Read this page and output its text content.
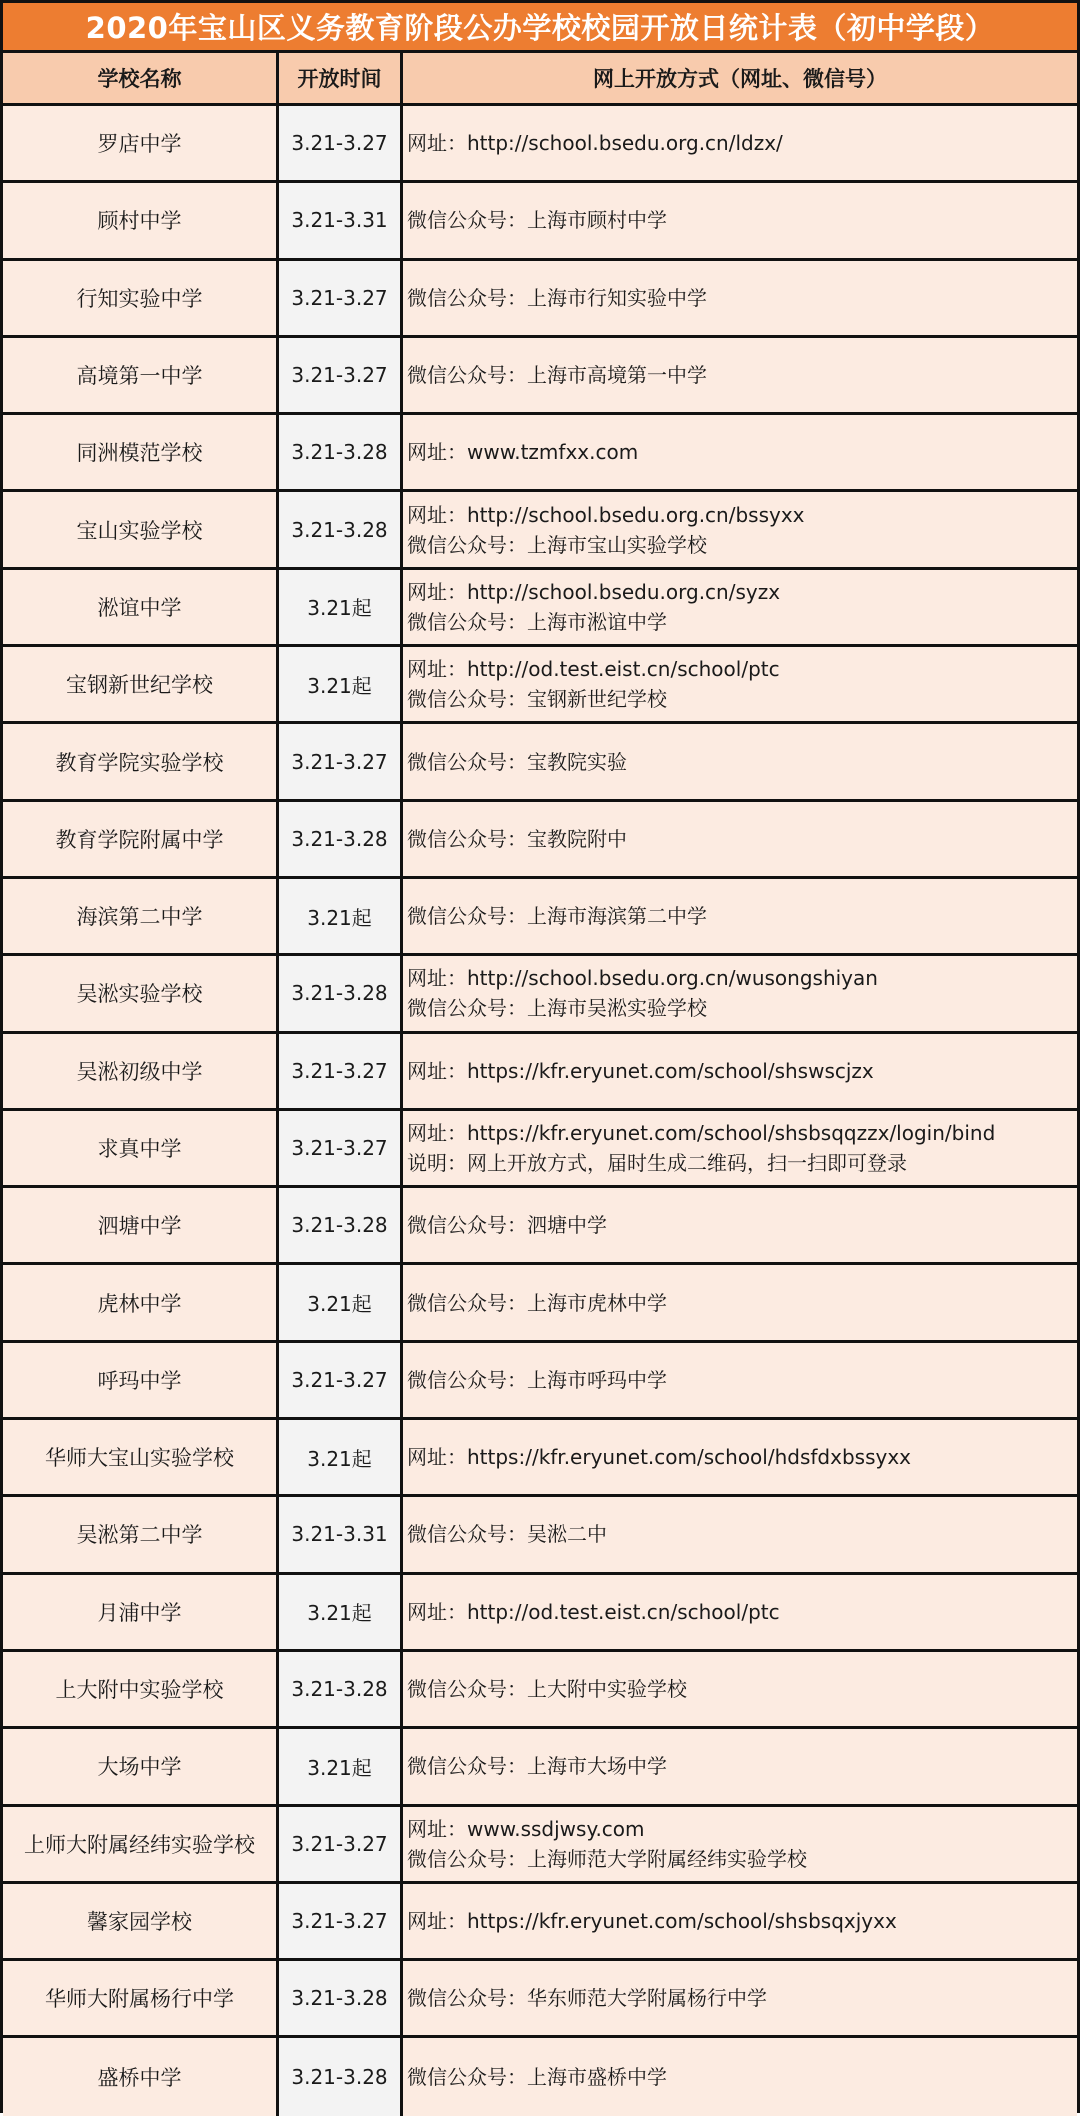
2020年宝山区义务教育阶段公办学校校园开放日统计表（初中学段）
学校名称	开放时间	网上开放方式（网址、微信号）
罗店中学	3.21-3.27 网址：http://school.bsedu.org.cn/ldzx/
顾村中学	3.21-3.31 微信公众号：上海市顾村中学
行知实验中学	3.21-3.27 微信公众号：上海市行知实验中学
高境第一中学	3.21-3.27 微信公众号：上海市高境第一中学
同洲模范学校	3.21-3.28 网址：www.tzmfxx.com
宝山实验学校	3.21-3.28
网址：http://school.bsedu.org.cn/bssyxx
微信公众号：上海市宝山实验学校
淞谊中学	3.21起
网址：http://school.bsedu.org.cn/syzx
微信公众号：上海市淞谊中学
宝钢新世纪学校	3.21起
网址：http://od.test.eist.cn/school/ptc
微信公众号：宝钢新世纪学校
教育学院实验学校	3.21-3.27 微信公众号：宝教院实验
教育学院附属中学	3.21-3.28 微信公众号：宝教院附中
海滨第二中学	3.21起	微信公众号：上海市海滨第二中学
吴淞实验学校	3.21-3.28
网址：http://school.bsedu.org.cn/wusongshiyan
微信公众号：上海市吴淞实验学校
吴淞初级中学	3.21-3.27 网址：https://kfr.eryunet.com/school/shswscjzx
求真中学	3.21-3.27
网址：https://kfr.eryunet.com/school/shsbsqqzzx/login/bind
说明：网上开放方式，届时生成二维码，扫一扫即可登录
泗塘中学	3.21-3.28 微信公众号：泗塘中学
虎林中学	3.21起	微信公众号：上海市虎林中学
呼玛中学	3.21-3.27 微信公众号：上海市呼玛中学
华师大宝山实验学校	3.21起	网址：https://kfr.eryunet.com/school/hdsfdxbssyxx
吴淞第二中学	3.21-3.31 微信公众号：吴淞二中
月浦中学	3.21起	网址：http://od.test.eist.cn/school/ptc
上大附中实验学校	3.21-3.28 微信公众号：上大附中实验学校
大场中学	3.21起	微信公众号：上海市大场中学
上师大附属经纬实验学校	3.21-3.27
网址：www.ssdjwsy.com
微信公众号：上海师范大学附属经纬实验学校
馨家园学校	3.21-3.27 网址：https://kfr.eryunet.com/school/shsbsqxjyxx
华师大附属杨行中学	3.21-3.28 微信公众号：华东师范大学附属杨行中学
盛桥中学	3.21-3.28 微信公众号：上海市盛桥中学
